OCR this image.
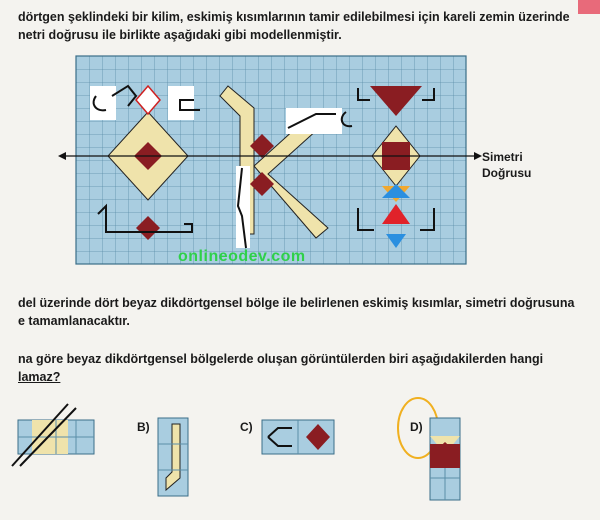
dörtgen şeklindeki bir kilim, eskimiş kısımlarının tamir edilebilmesi için kareli zemin üzerinde
netri doğrusu ile birlikte aşağıdaki gibi modellenmiştir.
Simetri
Doğrusu
onlineodev.com
del üzerinde dört beyaz dikdörtgensel bölge ile belirlenen eskimiş kısımlar, simetri doğrusuna
e tamamlanacaktır.
na göre beyaz dikdörtgensel bölgelerde oluşan görüntülerden biri aşağıdakilerden hangi
lamaz?
B)	C)	D)
